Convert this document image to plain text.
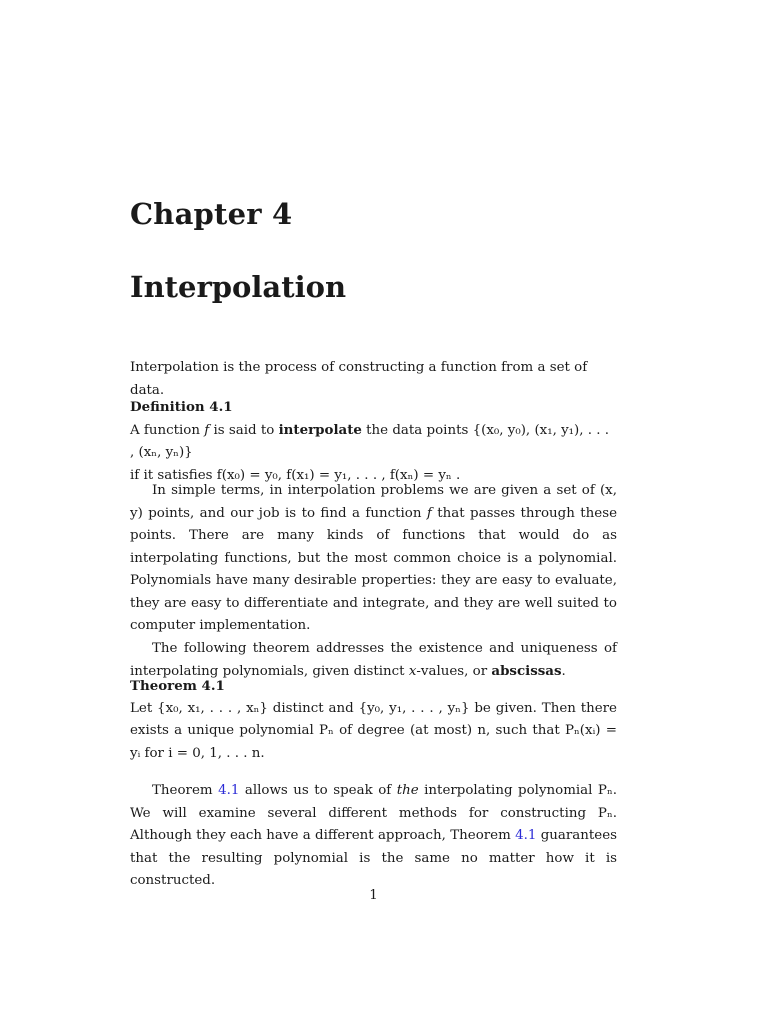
Chapter 4
Interpolation
Interpolation is the process of constructing a function from a set of data.
Definition 4.1
A function f is said to interpolate the data points {(x₀, y₀), (x₁, y₁), . . . , (xₙ, yₙ)}
if it satisfies f(x₀) = y₀, f(x₁) = y₁, . . . , f(xₙ) = yₙ .

In simple terms, in interpolation problems we are given a set of (x, y) points, and our job is to find a function f that passes through these points. There are many kinds of functions that would do as interpolating functions, but the most common choice is a polynomial. Polynomials have many desirable properties: they are easy to evaluate, they are easy to differentiate and integrate, and they are well suited to computer implementation.

The following theorem addresses the existence and uniqueness of interpolating polynomials, given distinct x-values, or abscissas.

Theorem 4.1
Let {x₀, x₁, . . . , xₙ} distinct and {y₀, y₁, . . . , yₙ} be given. Then there exists a unique polynomial Pₙ of degree (at most) n, such that Pₙ(xᵢ) = yᵢ for i = 0, 1, . . . n.

Theorem 4.1 allows us to speak of the interpolating polynomial Pₙ. We will examine several different methods for constructing Pₙ. Although they each have a different approach, Theorem 4.1 guarantees that the resulting polynomial is the same no matter how it is constructed.

1
